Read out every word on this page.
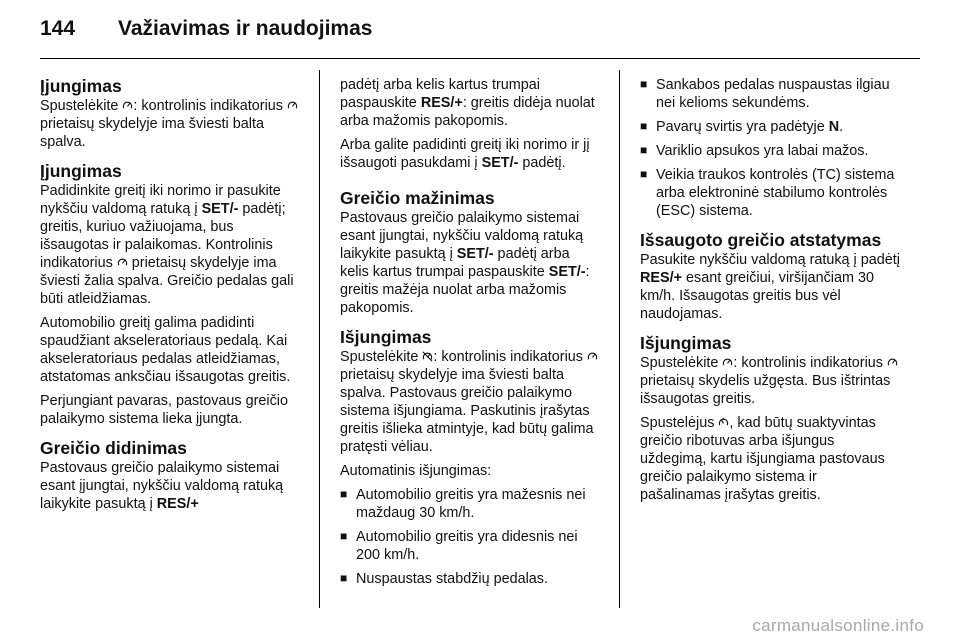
144 Važiavimas ir naudojimas
Įjungimas

Spustelėkite
: kontrolinis indikatorius
prietaisų skydelyje ima šviesti balta spalva.

Įjungimas

Padidinkite greitį iki norimo ir pasukite nykščiu valdomą ratuką į SET/- padėtį; greitis, kuriuo važiuojama, bus išsaugotas ir palaikomas. Kontrolinis indikatorius
prietaisų skydelyje ima šviesti žalia spalva. Greičio pedalas gali būti atleidžiamas.

Automobilio greitį galima padidinti spaudžiant akseleratoriaus pedalą. Kai akseleratoriaus pedalas atleidžiamas, atstatomas anksčiau išsaugotas greitis.

Perjungiant pavaras, pastovaus greičio palaikymo sistema lieka įjungta.

Greičio didinimas

Pastovaus greičio palaikymo sistemai esant įjungtai, nykščiu valdomą ratuką laikykite pasuktą į RES/+

padėtį arba kelis kartus trumpai paspauskite RES/+: greitis didėja nuolat arba mažomis pakopomis.

Arba galite padidinti greitį iki norimo ir jį išsaugoti pasukdami į SET/- padėtį.

Greičio mažinimas

Pastovaus greičio palaikymo sistemai esant įjungtai, nykščiu valdomą ratuką laikykite pasuktą į SET/- padėtį arba kelis kartus trumpai paspauskite SET/-: greitis mažėja nuolat arba mažomis pakopomis.

Išjungimas

Spustelėkite
: kontrolinis indikatorius
prietaisų skydelyje ima šviesti balta spalva. Pastovaus greičio palaikymo sistema išjungiama. Paskutinis įrašytas greitis išlieka atmintyje, kad būtų galima pratęsti vėliau.

Automatinis išjungimas:

■ Automobilio greitis yra mažesnis nei maždaug 30 km/h.
■ Automobilio greitis yra didesnis nei 200 km/h.
■ Nuspaustas stabdžių pedalas.
■ Sankabos pedalas nuspaustas ilgiau nei kelioms sekundėms.
■ Pavarų svirtis yra padėtyje N.
■ Variklio apsukos yra labai mažos.
■ Veikia traukos kontrolės (TC) sistema arba elektroninė stabilumo kontrolės (ESC) sistema.
Išsaugoto greičio atstatymas

Pasukite nykščiu valdomą ratuką į padėtį RES/+ esant greičiui, viršijančiam 30 km/h. Išsaugotas greitis bus vėl naudojamas.

Išjungimas

Spustelėkite
: kontrolinis indikatorius
prietaisų skydelis užgęsta. Bus ištrintas išsaugotas greitis.

Spustelėjus
, kad būtų suaktyvintas greičio ribotuvas arba išjungus uždegimą, kartu išjungiama pastovaus greičio palaikymo sistema ir pašalinamas įrašytas greitis.

carmanualsonline.info
